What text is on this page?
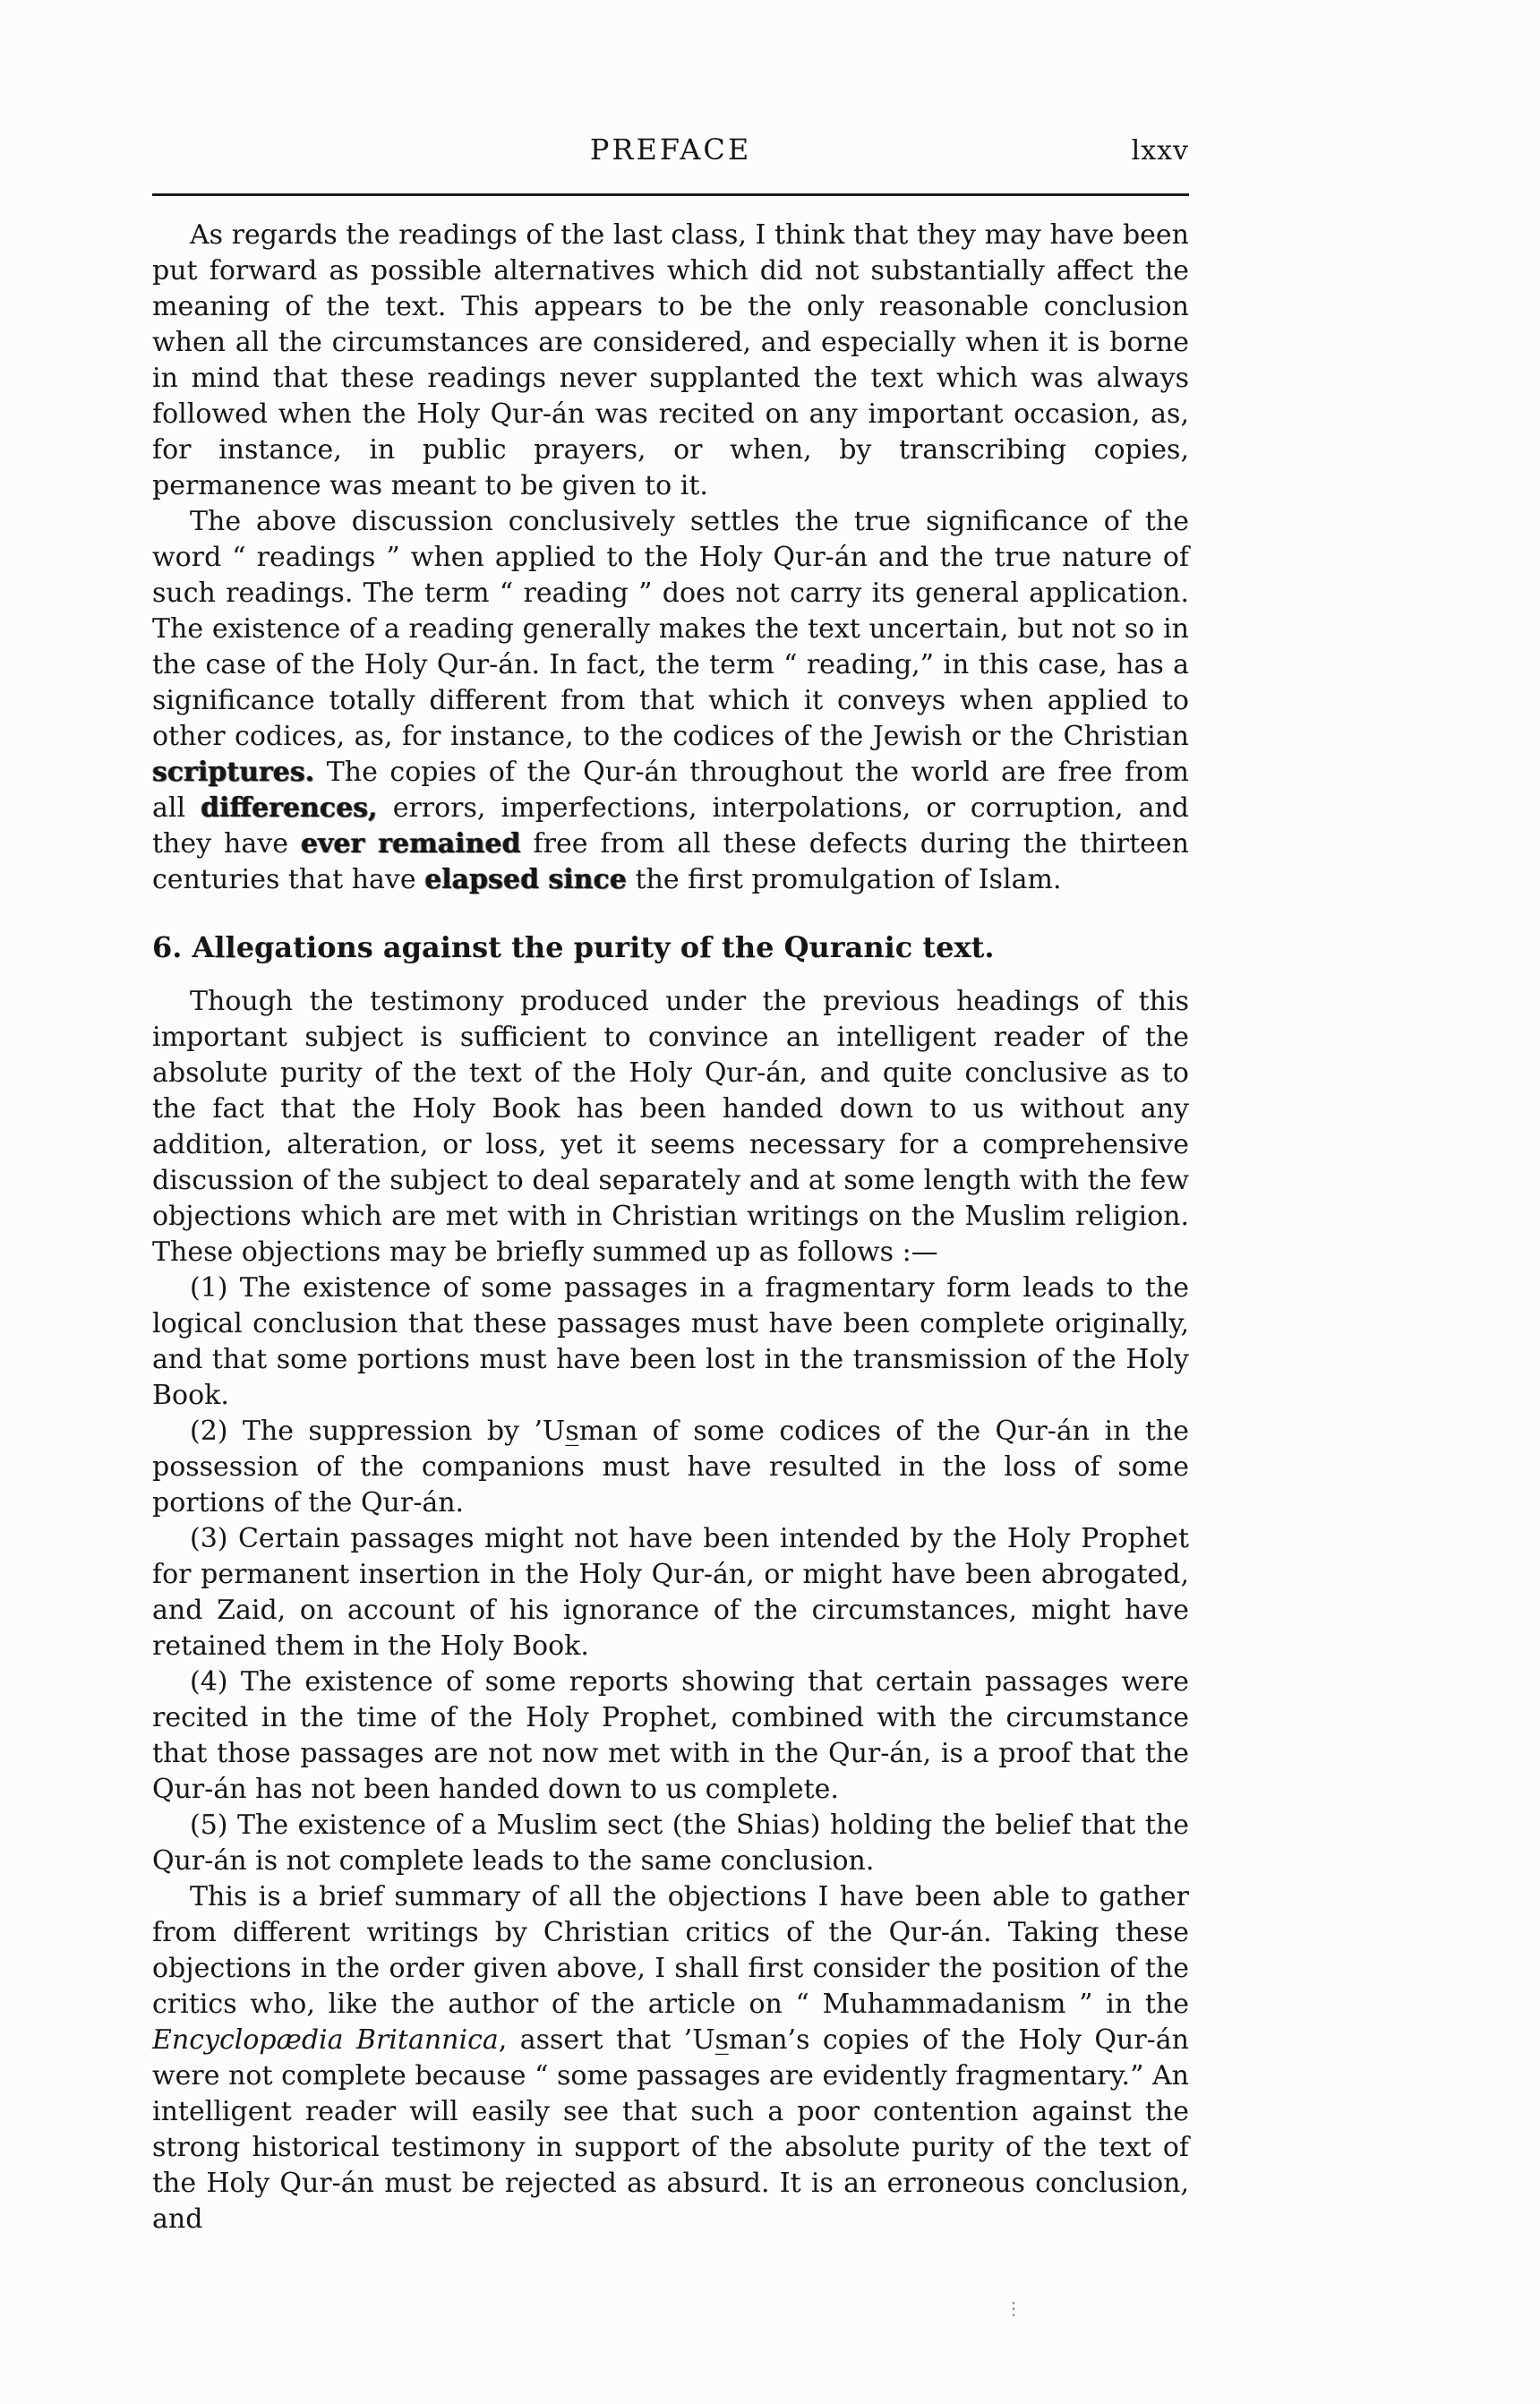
PREFACE	lxxv

As regards the readings of the last class, I think that they may have been put forward as possible alternatives which did not substantially affect the meaning of the text. This appears to be the only reasonable conclusion when all the circumstances are considered, and especially when it is borne in mind that these readings never supplanted the text which was always followed when the Holy Qur-án was recited on any important occasion, as, for instance, in public prayers, or when, by transcribing copies, permanence was meant to be given to it.

The above discussion conclusively settles the true significance of the word “ readings ” when applied to the Holy Qur-án and the true nature of such readings. The term “ reading ” does not carry its general application. The existence of a reading generally makes the text uncertain, but not so in the case of the Holy Qur-án. In fact, the term “ reading,” in this case, has a significance totally different from that which it conveys when applied to other codices, as, for instance, to the codices of the Jewish or the Christian scriptures. The copies of the Qur-án throughout the world are free from all differences, errors, imperfections, interpolations, or corruption, and they have ever remained free from all these defects during the thirteen centuries that have elapsed since the first promulgation of Islam.

6. Allegations against the purity of the Quranic text.

Though the testimony produced under the previous headings of this important subject is sufficient to convince an intelligent reader of the absolute purity of the text of the Holy Qur-án, and quite conclusive as to the fact that the Holy Book has been handed down to us without any addition, alteration, or loss, yet it seems necessary for a comprehensive discussion of the subject to deal separately and at some length with the few objections which are met with in Christian writings on the Muslim religion. These objections may be briefly summed up as follows :—

(1) The existence of some passages in a fragmentary form leads to the logical conclusion that these passages must have been complete originally, and that some portions must have been lost in the transmission of the Holy Book.

(2) The suppression by ’Us̲man of some codices of the Qur-án in the possession of the companions must have resulted in the loss of some portions of the Qur-án.

(3) Certain passages might not have been intended by the Holy Prophet for permanent insertion in the Holy Qur-án, or might have been abrogated, and Zaid, on account of his ignorance of the circumstances, might have retained them in the Holy Book.

(4) The existence of some reports showing that certain passages were recited in the time of the Holy Prophet, combined with the circumstance that those passages are not now met with in the Qur-án, is a proof that the Qur-án has not been handed down to us complete.

(5) The existence of a Muslim sect (the Shias) holding the belief that the Qur-án is not complete leads to the same conclusion.

This is a brief summary of all the objections I have been able to gather from different writings by Christian critics of the Qur-án. Taking these objections in the order given above, I shall first consider the position of the critics who, like the author of the article on “ Muhammadanism ” in the Encyclopædia Britannica, assert that ’Us̲man’s copies of the Holy Qur-án were not complete because “ some passages are evidently fragmentary.” An intelligent reader will easily see that such a poor contention against the strong historical testimony in support of the absolute purity of the text of the Holy Qur-án must be rejected as absurd. It is an erroneous conclusion, and

⋮
